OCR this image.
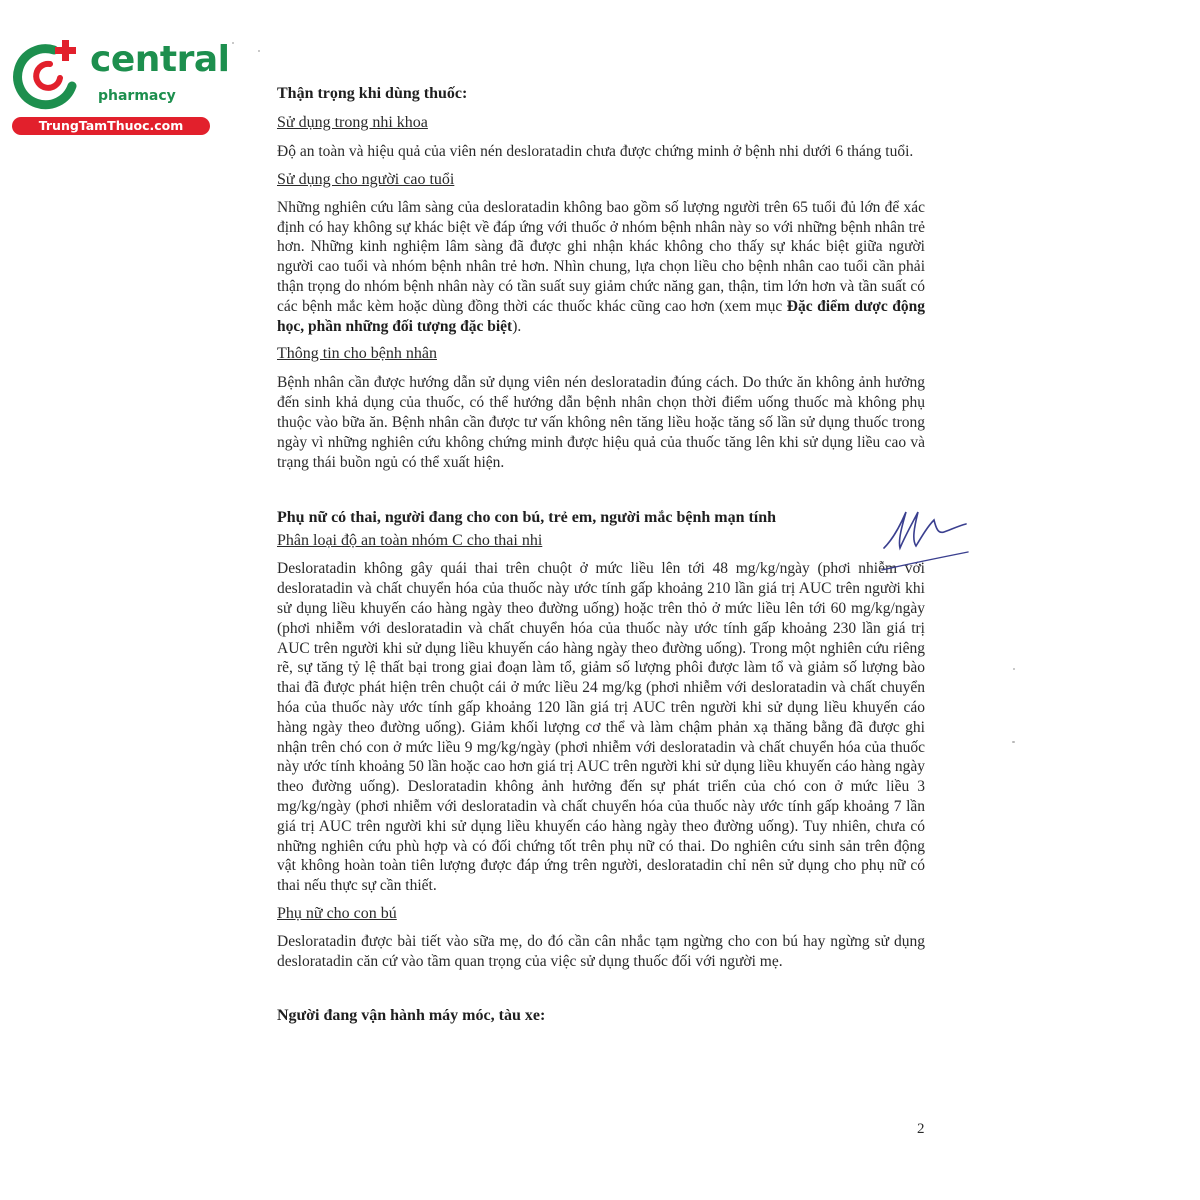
central
pharmacy
TrungTamThuoc.com

Thận trọng khi dùng thuốc:

Sử dụng trong nhi khoa

Độ an toàn và hiệu quả của viên nén desloratadin chưa được chứng minh ở bệnh nhi dưới 6 tháng tuổi.

Sử dụng cho người cao tuổi

Những nghiên cứu lâm sàng của desloratadin không bao gồm số lượng người trên 65 tuổi đủ lớn để xác định có hay không sự khác biệt về đáp ứng với thuốc ở nhóm bệnh nhân này so với những bệnh nhân trẻ hơn. Những kinh nghiệm lâm sàng đã được ghi nhận khác không cho thấy sự khác biệt giữa người người cao tuổi và nhóm bệnh nhân trẻ hơn. Nhìn chung, lựa chọn liều cho bệnh nhân cao tuổi cần phải thận trọng do nhóm bệnh nhân này có tần suất suy giảm chức năng gan, thận, tim lớn hơn và tần suất có các bệnh mắc kèm hoặc dùng đồng thời các thuốc khác cũng cao hơn (xem mục Đặc điểm dược động học, phần những đối tượng đặc biệt).

Thông tin cho bệnh nhân

Bệnh nhân cần được hướng dẫn sử dụng viên nén desloratadin đúng cách. Do thức ăn không ảnh hưởng đến sinh khả dụng của thuốc, có thể hướng dẫn bệnh nhân chọn thời điểm uống thuốc mà không phụ thuộc vào bữa ăn. Bệnh nhân cần được tư vấn không nên tăng liều hoặc tăng số lần sử dụng thuốc trong ngày vì những nghiên cứu không chứng minh được hiệu quả của thuốc tăng lên khi sử dụng liều cao và trạng thái buồn ngủ có thể xuất hiện.

Phụ nữ có thai, người đang cho con bú, trẻ em, người mắc bệnh mạn tính

Phân loại độ an toàn nhóm C cho thai nhi

Desloratadin không gây quái thai trên chuột ở mức liều lên tới 48 mg/kg/ngày (phơi nhiễm với desloratadin và chất chuyển hóa của thuốc này ước tính gấp khoảng 210 lần giá trị AUC trên người khi sử dụng liều khuyến cáo hàng ngày theo đường uống) hoặc trên thỏ ở mức liều lên tới 60 mg/kg/ngày (phơi nhiễm với desloratadin và chất chuyển hóa của thuốc này ước tính gấp khoảng 230 lần giá trị AUC trên người khi sử dụng liều khuyến cáo hàng ngày theo đường uống). Trong một nghiên cứu riêng rẽ, sự tăng tỷ lệ thất bại trong giai đoạn làm tổ, giảm số lượng phôi được làm tổ và giảm số lượng bào thai đã được phát hiện trên chuột cái ở mức liều 24 mg/kg (phơi nhiễm với desloratadin và chất chuyển hóa của thuốc này ước tính gấp khoảng 120 lần giá trị AUC trên người khi sử dụng liều khuyến cáo hàng ngày theo đường uống). Giảm khối lượng cơ thể và làm chậm phản xạ thăng bằng đã được ghi nhận trên chó con ở mức liều 9 mg/kg/ngày (phơi nhiễm với desloratadin và chất chuyển hóa của thuốc này ước tính khoảng 50 lần hoặc cao hơn giá trị AUC trên người khi sử dụng liều khuyến cáo hàng ngày theo đường uống). Desloratadin không ảnh hưởng đến sự phát triển của chó con ở mức liều 3 mg/kg/ngày (phơi nhiễm với desloratadin và chất chuyển hóa của thuốc này ước tính gấp khoảng 7 lần giá trị AUC trên người khi sử dụng liều khuyến cáo hàng ngày theo đường uống). Tuy nhiên, chưa có những nghiên cứu phù hợp và có đối chứng tốt trên phụ nữ có thai. Do nghiên cứu sinh sản trên động vật không hoàn toàn tiên lượng được đáp ứng trên người, desloratadin chỉ nên sử dụng cho phụ nữ có thai nếu thực sự cần thiết.

Phụ nữ cho con bú

Desloratadin được bài tiết vào sữa mẹ, do đó cần cân nhắc tạm ngừng cho con bú hay ngừng sử dụng desloratadin căn cứ vào tầm quan trọng của việc sử dụng thuốc đối với người mẹ.

Người đang vận hành máy móc, tàu xe:

2
